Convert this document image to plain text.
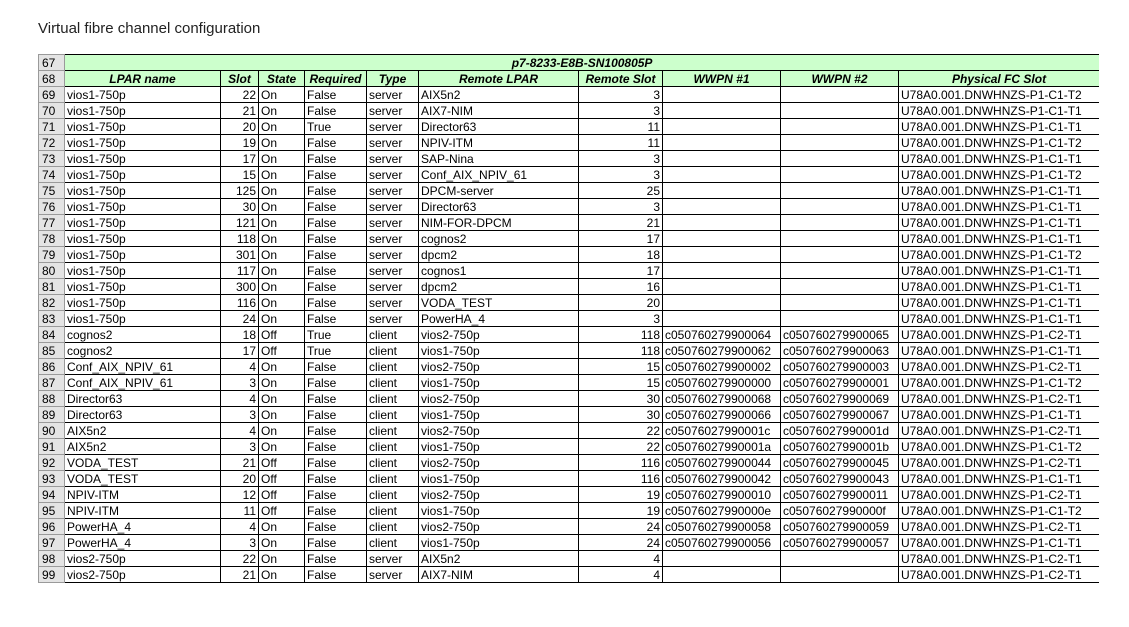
Virtual fibre channel configuration
67	p7-8233-E8B-SN100805P									
68	LPAR name	Slot	State	Required	Type	Remote LPAR	Remote Slot	WWPN #1	WWPN #2	Physical FC Slot
69	vios1-750p	22	On	False	server	AIX5n2	3			U78A0.001.DNWHNZS-P1-C1-T2
70	vios1-750p	21	On	False	server	AIX7-NIM	3			U78A0.001.DNWHNZS-P1-C1-T1
71	vios1-750p	20	On	True	server	Director63	11			U78A0.001.DNWHNZS-P1-C1-T1
72	vios1-750p	19	On	False	server	NPIV-ITM	11			U78A0.001.DNWHNZS-P1-C1-T2
73	vios1-750p	17	On	False	server	SAP-Nina	3			U78A0.001.DNWHNZS-P1-C1-T1
74	vios1-750p	15	On	False	server	Conf_AIX_NPIV_61	3			U78A0.001.DNWHNZS-P1-C1-T2
75	vios1-750p	125	On	False	server	DPCM-server	25			U78A0.001.DNWHNZS-P1-C1-T1
76	vios1-750p	30	On	False	server	Director63	3			U78A0.001.DNWHNZS-P1-C1-T1
77	vios1-750p	121	On	False	server	NIM-FOR-DPCM	21			U78A0.001.DNWHNZS-P1-C1-T1
78	vios1-750p	118	On	False	server	cognos2	17			U78A0.001.DNWHNZS-P1-C1-T1
79	vios1-750p	301	On	False	server	dpcm2	18			U78A0.001.DNWHNZS-P1-C1-T2
80	vios1-750p	117	On	False	server	cognos1	17			U78A0.001.DNWHNZS-P1-C1-T1
81	vios1-750p	300	On	False	server	dpcm2	16			U78A0.001.DNWHNZS-P1-C1-T1
82	vios1-750p	116	On	False	server	VODA_TEST	20			U78A0.001.DNWHNZS-P1-C1-T1
83	vios1-750p	24	On	False	server	PowerHA_4	3			U78A0.001.DNWHNZS-P1-C1-T1
84	cognos2	18	Off	True	client	vios2-750p	118	c050760279900064	c050760279900065	U78A0.001.DNWHNZS-P1-C2-T1
85	cognos2	17	Off	True	client	vios1-750p	118	c050760279900062	c050760279900063	U78A0.001.DNWHNZS-P1-C1-T1
86	Conf_AIX_NPIV_61	4	On	False	client	vios2-750p	15	c050760279900002	c050760279900003	U78A0.001.DNWHNZS-P1-C2-T1
87	Conf_AIX_NPIV_61	3	On	False	client	vios1-750p	15	c050760279900000	c050760279900001	U78A0.001.DNWHNZS-P1-C1-T2
88	Director63	4	On	False	client	vios2-750p	30	c050760279900068	c050760279900069	U78A0.001.DNWHNZS-P1-C2-T1
89	Director63	3	On	False	client	vios1-750p	30	c050760279900066	c050760279900067	U78A0.001.DNWHNZS-P1-C1-T1
90	AIX5n2	4	On	False	client	vios2-750p	22	c05076027990001c	c05076027990001d	U78A0.001.DNWHNZS-P1-C2-T1
91	AIX5n2	3	On	False	client	vios1-750p	22	c05076027990001a	c05076027990001b	U78A0.001.DNWHNZS-P1-C1-T2
92	VODA_TEST	21	Off	False	client	vios2-750p	116	c050760279900044	c050760279900045	U78A0.001.DNWHNZS-P1-C2-T1
93	VODA_TEST	20	Off	False	client	vios1-750p	116	c050760279900042	c050760279900043	U78A0.001.DNWHNZS-P1-C1-T1
94	NPIV-ITM	12	Off	False	client	vios2-750p	19	c050760279900010	c050760279900011	U78A0.001.DNWHNZS-P1-C2-T1
95	NPIV-ITM	11	Off	False	client	vios1-750p	19	c05076027990000e	c05076027990000f	U78A0.001.DNWHNZS-P1-C1-T2
96	PowerHA_4	4	On	False	client	vios2-750p	24	c050760279900058	c050760279900059	U78A0.001.DNWHNZS-P1-C2-T1
97	PowerHA_4	3	On	False	client	vios1-750p	24	c050760279900056	c050760279900057	U78A0.001.DNWHNZS-P1-C1-T1
98	vios2-750p	22	On	False	server	AIX5n2	4			U78A0.001.DNWHNZS-P1-C2-T1
99	vios2-750p	21	On	False	server	AIX7-NIM	4			U78A0.001.DNWHNZS-P1-C2-T1
